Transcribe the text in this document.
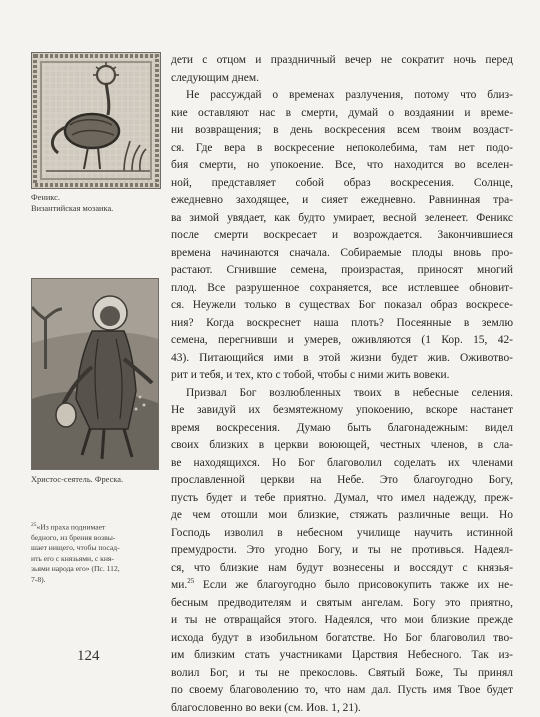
Феникс.
Византийская мозаика.
Христос-сеятель. Фреска.
$^{25}$«Из праха поднимает
бедного, из брения возвы-
шает нищего, чтобы посад-
ить его с князьями, с кня-
зьями народа его» (Пс. 112,
7-8).
дети с отцом и праздничный вечер не сократит ночь перед
следующим днем.
Не рассуждай о временах разлучения, потому что близ-
кие оставляют нас в смерти, думай о воздаянии и време-
ни возвращения; в день воскресения всем твоим воздаст-
ся. Где вера в воскресение непоколебима, там нет подо-
бия смерти, но упокоение. Все, что находится во вселен-
ной, представляет собой образ воскресения. Солнце,
ежедневно заходящее, и сияет ежедневно. Равнинная тра-
ва зимой увядает, как будто умирает, весной зеленеет. Феникс
после смерти воскресает и возрождается. Закончившиеся
времена начинаются сначала. Собираемые плоды вновь про-
растают. Сгнившие семена, произрастая, приносят многий
плод. Все разрушенное сохраняется, все истлевшее обновит-
ся. Неужели только в существах Бог показал образ воскресе-
ния? Когда воскреснет наша плоть? Посеянные в землю
семена, перегнивши и умерев, оживляются (1 Кор. 15, 42-
43). Питающийся ими в этой жизни будет жив. Оживотво-
рит и тебя, и тех, кто с тобой, чтобы с ними жить вовеки.
Призвал Бог возлюбленных твоих в небесные селения.
Не завидуй их безмятежному упокоению, вскоре настанет
время воскресения. Думаю быть благонадежным: видел
своих близких в церкви воюющей, честных членов, в сла-
ве находящихся. Но Бог благоволил соделать их членами
прославленной церкви на Небе. Это благоугодно Богу,
пусть будет и тебе приятно. Думал, что имел надежду, преж-
де чем отошли мои близкие, стяжать различные вещи. Но
Господь изволил в небесном училище научить истинной
премудрости. Это угодно Богу, и ты не противься. Надеял-
ся, что близкие нам будут вознесены и воссядут с князья-
ми.$^{25}$ Если же благоугодно было присовокупить также их не-
бесным предводителям и святым ангелам. Богу это приятно,
и ты не отвращайся этого. Надеялся, что мои близкие прежде
исхода будут в изобильном богатстве. Но Бог благоволил тво-
им близким стать участниками Царствия Небесного. Так из-
волил Бог, и ты не прекословь. Святый Боже, Ты принял
по своему благоволению то, что нам дал. Пусть имя Твое будет
благословенно во веки (см. Иов. 1, 21).
124
